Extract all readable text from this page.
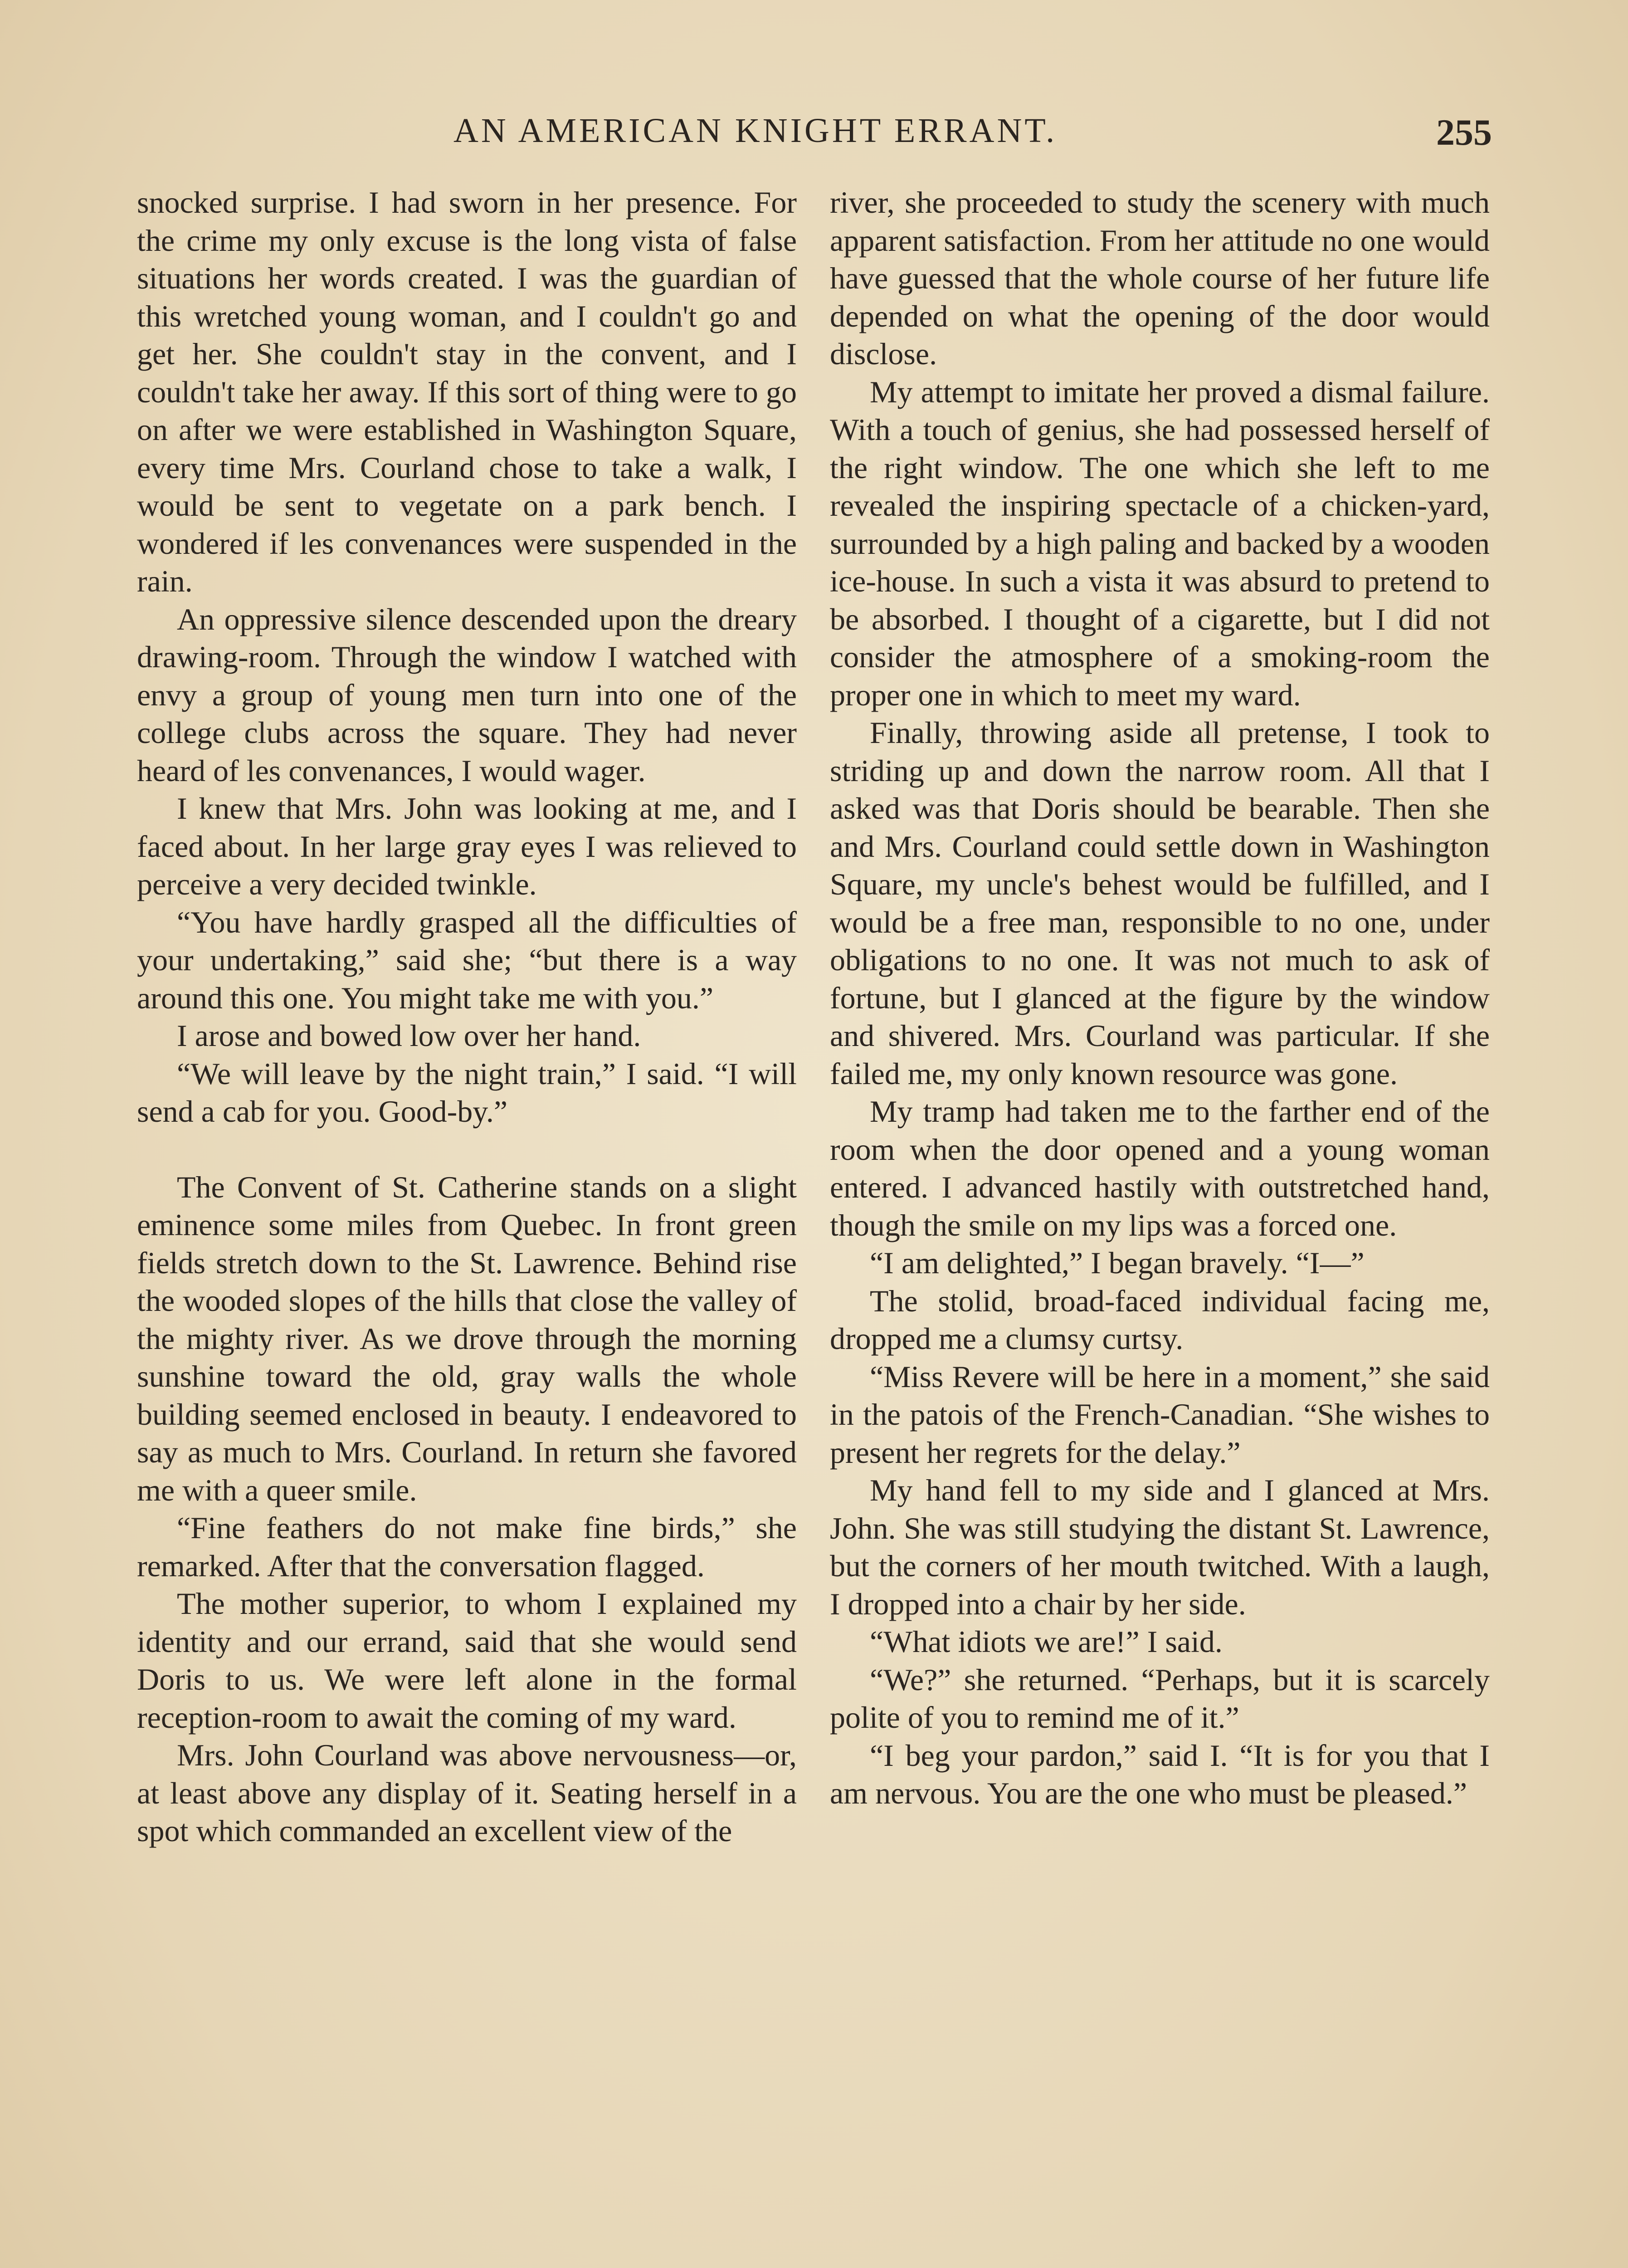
AN AMERICAN KNIGHT ERRANT.	255

snocked surprise. I had sworn in her presence. For the crime my only excuse is the long vista of false situations her words created. I was the guardian of this wretched young woman, and I couldn't go and get her. She couldn't stay in the convent, and I couldn't take her away. If this sort of thing were to go on after we were established in Washington Square, every time Mrs. Courland chose to take a walk, I would be sent to vegetate on a park bench. I wondered if les convenances were suspended in the rain.

An oppressive silence descended upon the dreary drawing-room. Through the window I watched with envy a group of young men turn into one of the college clubs across the square. They had never heard of les convenances, I would wager.

I knew that Mrs. John was looking at me, and I faced about. In her large gray eyes I was relieved to perceive a very decided twinkle.

“You have hardly grasped all the difficulties of your undertaking,” said she; “but there is a way around this one. You might take me with you.”

I arose and bowed low over her hand.

“We will leave by the night train,” I said. “I will send a cab for you. Good-by.”

The Convent of St. Catherine stands on a slight eminence some miles from Quebec. In front green fields stretch down to the St. Lawrence. Behind rise the wooded slopes of the hills that close the valley of the mighty river. As we drove through the morning sunshine toward the old, gray walls the whole building seemed enclosed in beauty. I endeavored to say as much to Mrs. Courland. In return she favored me with a queer smile.

“Fine feathers do not make fine birds,” she remarked. After that the conversation flagged.

The mother superior, to whom I explained my identity and our errand, said that she would send Doris to us. We were left alone in the formal reception-room to await the coming of my ward.

Mrs. John Courland was above nervousness—or, at least above any display of it. Seating herself in a spot which commanded an excellent view of the

river, she proceeded to study the scenery with much apparent satisfaction. From her attitude no one would have guessed that the whole course of her future life depended on what the opening of the door would disclose.

My attempt to imitate her proved a dismal failure. With a touch of genius, she had possessed herself of the right window. The one which she left to me revealed the inspiring spectacle of a chicken-yard, surrounded by a high paling and backed by a wooden ice-house. In such a vista it was absurd to pretend to be absorbed. I thought of a cigarette, but I did not consider the atmosphere of a smoking-room the proper one in which to meet my ward.

Finally, throwing aside all pretense, I took to striding up and down the narrow room. All that I asked was that Doris should be bearable. Then she and Mrs. Courland could settle down in Washington Square, my uncle's behest would be fulfilled, and I would be a free man, responsible to no one, under obligations to no one. It was not much to ask of fortune, but I glanced at the figure by the window and shivered. Mrs. Courland was particular. If she failed me, my only known resource was gone.

My tramp had taken me to the farther end of the room when the door opened and a young woman entered. I advanced hastily with outstretched hand, though the smile on my lips was a forced one.

“I am delighted,” I began bravely. “I—”

The stolid, broad-faced individual facing me, dropped me a clumsy curtsy.

“Miss Revere will be here in a moment,” she said in the patois of the French-Canadian. “She wishes to present her regrets for the delay.”

My hand fell to my side and I glanced at Mrs. John. She was still studying the distant St. Lawrence, but the corners of her mouth twitched. With a laugh, I dropped into a chair by her side.

“What idiots we are!” I said.

“We?” she returned. “Perhaps, but it is scarcely polite of you to remind me of it.”

“I beg your pardon,” said I. “It is for you that I am nervous. You are the one who must be pleased.”
